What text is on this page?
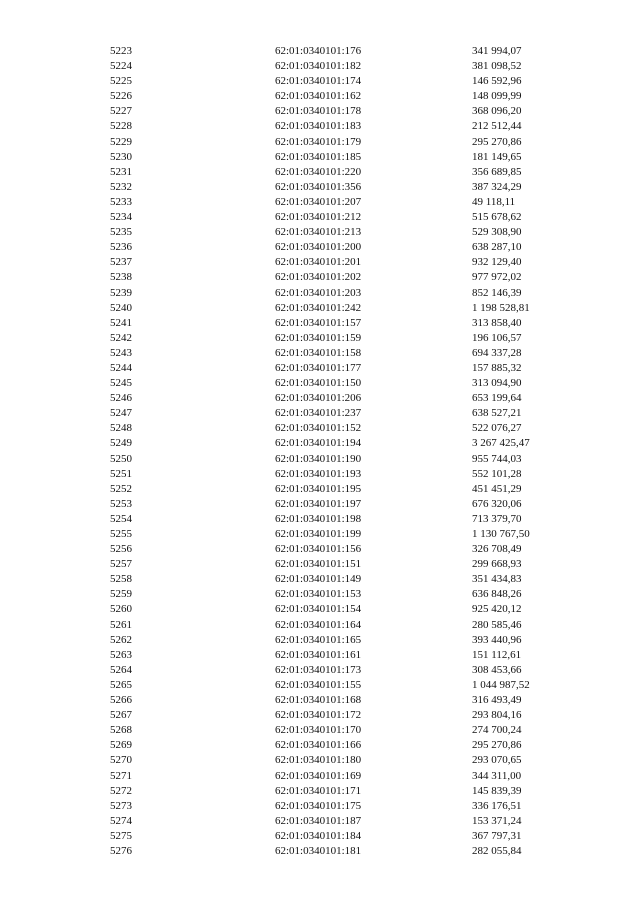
5223	62:01:0340101:176	341 994,07
5224	62:01:0340101:182	381 098,52
5225	62:01:0340101:174	146 592,96
5226	62:01:0340101:162	148 099,99
5227	62:01:0340101:178	368 096,20
5228	62:01:0340101:183	212 512,44
5229	62:01:0340101:179	295 270,86
5230	62:01:0340101:185	181 149,65
5231	62:01:0340101:220	356 689,85
5232	62:01:0340101:356	387 324,29
5233	62:01:0340101:207	49 118,11
5234	62:01:0340101:212	515 678,62
5235	62:01:0340101:213	529 308,90
5236	62:01:0340101:200	638 287,10
5237	62:01:0340101:201	932 129,40
5238	62:01:0340101:202	977 972,02
5239	62:01:0340101:203	852 146,39
5240	62:01:0340101:242	1 198 528,81
5241	62:01:0340101:157	313 858,40
5242	62:01:0340101:159	196 106,57
5243	62:01:0340101:158	694 337,28
5244	62:01:0340101:177	157 885,32
5245	62:01:0340101:150	313 094,90
5246	62:01:0340101:206	653 199,64
5247	62:01:0340101:237	638 527,21
5248	62:01:0340101:152	522 076,27
5249	62:01:0340101:194	3 267 425,47
5250	62:01:0340101:190	955 744,03
5251	62:01:0340101:193	552 101,28
5252	62:01:0340101:195	451 451,29
5253	62:01:0340101:197	676 320,06
5254	62:01:0340101:198	713 379,70
5255	62:01:0340101:199	1 130 767,50
5256	62:01:0340101:156	326 708,49
5257	62:01:0340101:151	299 668,93
5258	62:01:0340101:149	351 434,83
5259	62:01:0340101:153	636 848,26
5260	62:01:0340101:154	925 420,12
5261	62:01:0340101:164	280 585,46
5262	62:01:0340101:165	393 440,96
5263	62:01:0340101:161	151 112,61
5264	62:01:0340101:173	308 453,66
5265	62:01:0340101:155	1 044 987,52
5266	62:01:0340101:168	316 493,49
5267	62:01:0340101:172	293 804,16
5268	62:01:0340101:170	274 700,24
5269	62:01:0340101:166	295 270,86
5270	62:01:0340101:180	293 070,65
5271	62:01:0340101:169	344 311,00
5272	62:01:0340101:171	145 839,39
5273	62:01:0340101:175	336 176,51
5274	62:01:0340101:187	153 371,24
5275	62:01:0340101:184	367 797,31
5276	62:01:0340101:181	282 055,84
